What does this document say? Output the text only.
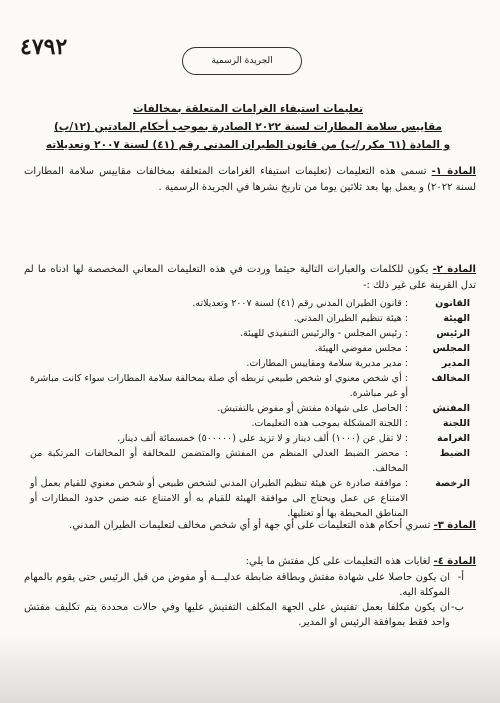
٤٧٩٢
الجريدة الرسمية
تعليمات استيفاء الغرامات المتعلقة بمخالفات
مقاييس سلامة المطارات لسنة ٢٠٢٢ الصادرة بموجب أحكام المادتين (١٢/ب)
و المادة (٦١ مكرر/ب) من قانون الطيران المدني رقم (٤١) لسنة ٢٠٠٧ وتعديلاته
المادة ١- تسمى هذه التعليمات (تعليمات استيفاء الغرامات المتعلقة بمخالفات مقاييس سلامة المطارات لسنة ٢٠٢٢) و يعمل بها بعد ثلاثين يوما من تاريخ نشرها في الجريدة الرسمية .
المادة ٢- يكون للكلمات والعبارات التالية حيثما وردت في هذه التعليمات المعاني المخصصة لها ادناه ما لم تدل القرينة على غير ذلك :-
القانون
: قانون الطيران المدني رقم (٤١) لسنة ٢٠٠٧ وتعديلاته.
الهيئة
: هيئة تنظيم الطيران المدني.
الرئيس
: رئيس المجلس - والرئيس التنفيذي للهيئة.
المجلس
: مجلس مفوضي الهيئة.
المدير
: مدير مديرية سلامة ومقاييس المطارات.
المخالف
: أي شخص معنوي او شخص طبيعي تربطه أي صلة بمخالفة سلامة المطارات سواء كانت مباشرة أو غير مباشرة.
المفتش
: الحاصل على شهادة مفتش أو مفوض بالتفتيش.
اللجنة
: اللجنة المشكلة بموجب هذه التعليمات.
الغرامة
: لا تقل عن (١٠٠٠) ألف دينار و لا تزيد على (٥٠٠٠٠٠) خمسمائة ألف دينار.
الضبط
: محضر الضبط العدلي المنظم من المفتش والمتضمن للمخالفة أو المخالفات المرتكبة من المخالف.
الرخصة
: موافقة صادرة عن هيئة تنظيم الطيران المدني لشخص طبيعي أو شخص معنوي للقيام بعمل أو الامتناع عن عمل ويحتاج الى موافقة الهيئة للقيام به أو الامتناع عنه ضمن حدود المطارات أو المناطق المحيطة بها أو تعتليها.
المادة ٣- تسري أحكام هذه التعليمات على أي جهة أو أي شخص مخالف لتعليمات الطيران المدني.
المادة ٤- لغايات هذه التعليمات على كل مفتش ما يلي:
أ-
ان يكون حاصلا على شهادة مفتش وبطاقة ضابطة عدليـــة أو مفوض من قبل الرئيس حتى يقوم بالمهام الموكلة اليه.
ب-
ان يكون مكلفا بعمل تفتيش على الجهة المكلف التفتيش عليها وفي حالات محددة يتم تكليف مفتش واحد فقط بموافقة الرئيس او المدير.
